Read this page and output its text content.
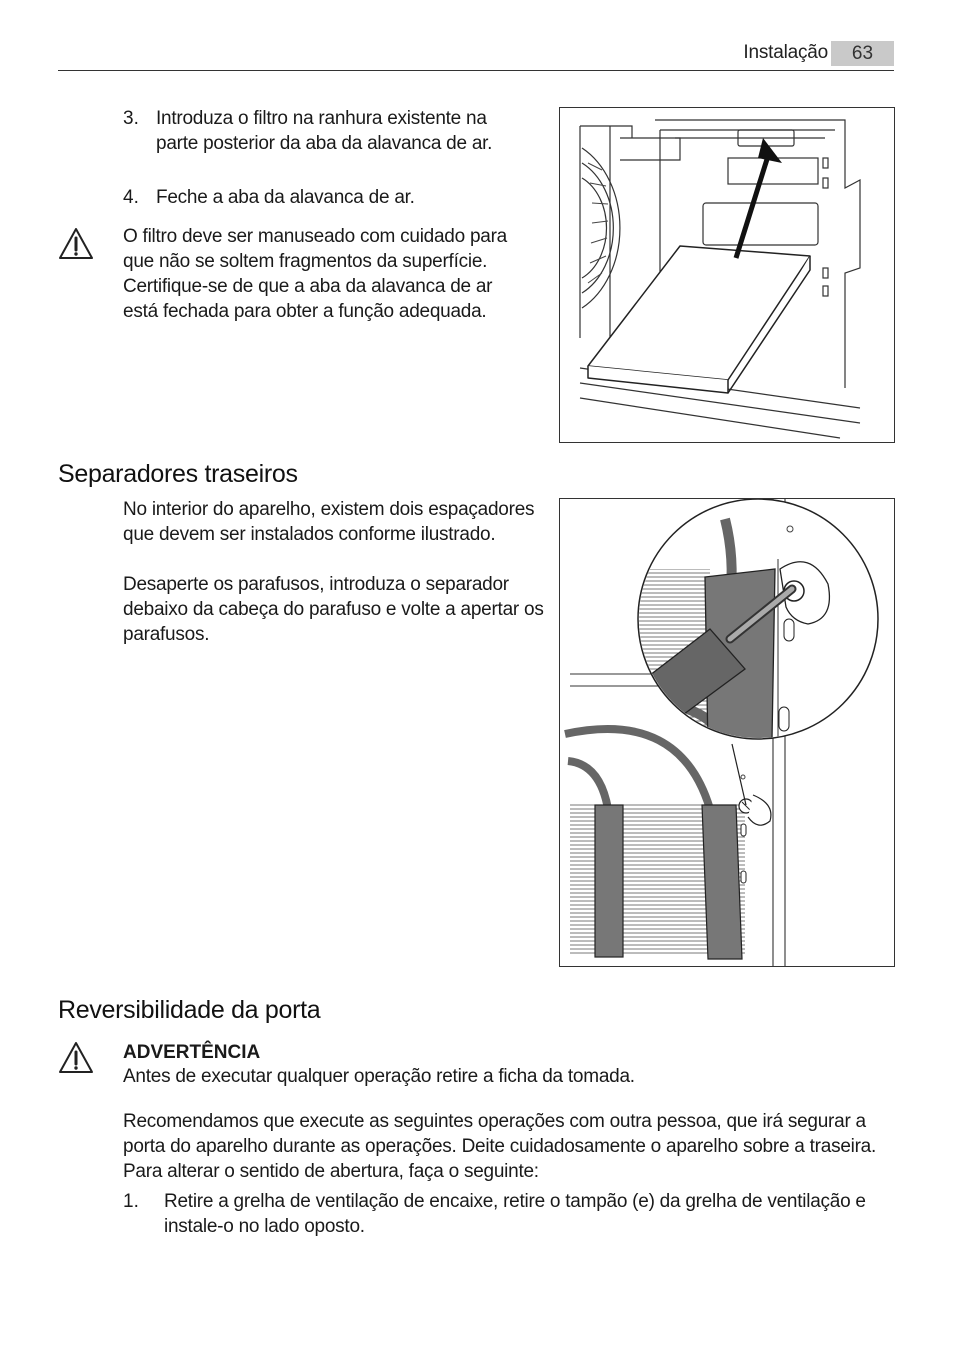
Instalação	63
3. Introduza o filtro na ranhura existente na parte posterior da aba da alavanca de ar.
4. Feche a aba da alavanca de ar.
O filtro deve ser manuseado com cuidado para que não se soltem fragmentos da superfície. Certifique-se de que a aba da alavanca de ar está fechada para obter a função adequada.
Separadores traseiros
No interior do aparelho, existem dois espaçadores que devem ser instalados conforme ilustrado.
Desaperte os parafusos, introduza o separador debaixo da cabeça do parafuso e volte a apertar os parafusos.
Reversibilidade da porta
ADVERTÊNCIA
Antes de executar qualquer operação retire a ficha da tomada.
Recomendamos que execute as seguintes operações com outra pessoa, que irá segurar a porta do aparelho durante as operações. Deite cuidadosamente o aparelho sobre a traseira. Para alterar o sentido de abertura, faça o seguinte:
1. Retire a grelha de ventilação de encaixe, retire o tampão (e) da grelha de ventilação e instale-o no lado oposto.
